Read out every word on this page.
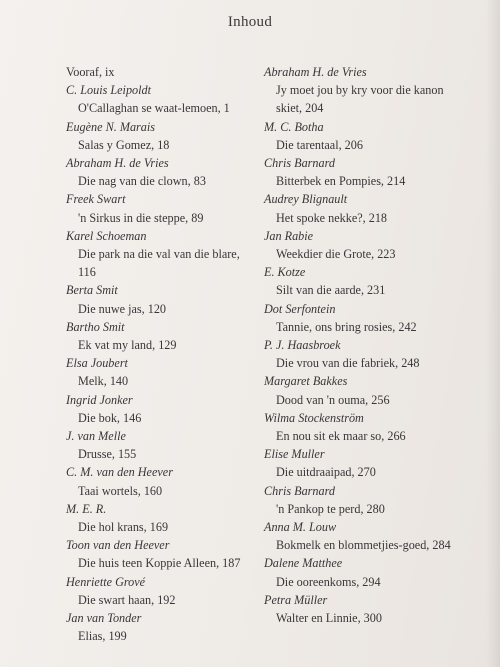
Inhoud
Vooraf, ix
C. Louis Leipoldt
O'Callaghan se waat-lemoen, 1
Eugène N. Marais
Salas y Gomez, 18
Abraham H. de Vries
Die nag van die clown, 83
Freek Swart
'n Sirkus in die steppe, 89
Karel Schoeman
Die park na die val van die blare, 116
Berta Smit
Die nuwe jas, 120
Bartho Smit
Ek vat my land, 129
Elsa Joubert
Melk, 140
Ingrid Jonker
Die bok, 146
J. van Melle
Drusse, 155
C. M. van den Heever
Taai wortels, 160
M. E. R.
Die hol krans, 169
Toon van den Heever
Die huis teen Koppie Alleen, 187
Henriette Grové
Die swart haan, 192
Jan van Tonder
Elias, 199
Abraham H. de Vries
Jy moet jou by kry voor die kanon skiet, 204
M. C. Botha
Die tarentaal, 206
Chris Barnard
Bitterbek en Pompies, 214
Audrey Blignault
Het spoke nekke?, 218
Jan Rabie
Weekdier die Grote, 223
E. Kotze
Silt van die aarde, 231
Dot Serfontein
Tannie, ons bring rosies, 242
P. J. Haasbroek
Die vrou van die fabriek, 248
Margaret Bakkes
Dood van 'n ouma, 256
Wilma Stockenström
En nou sit ek maar so, 266
Elise Muller
Die uitdraaipad, 270
Chris Barnard
'n Pankop te perd, 280
Anna M. Louw
Bokmelk en blommetjies-goed, 284
Dalene Matthee
Die ooreenkoms, 294
Petra Müller
Walter en Linnie, 300
